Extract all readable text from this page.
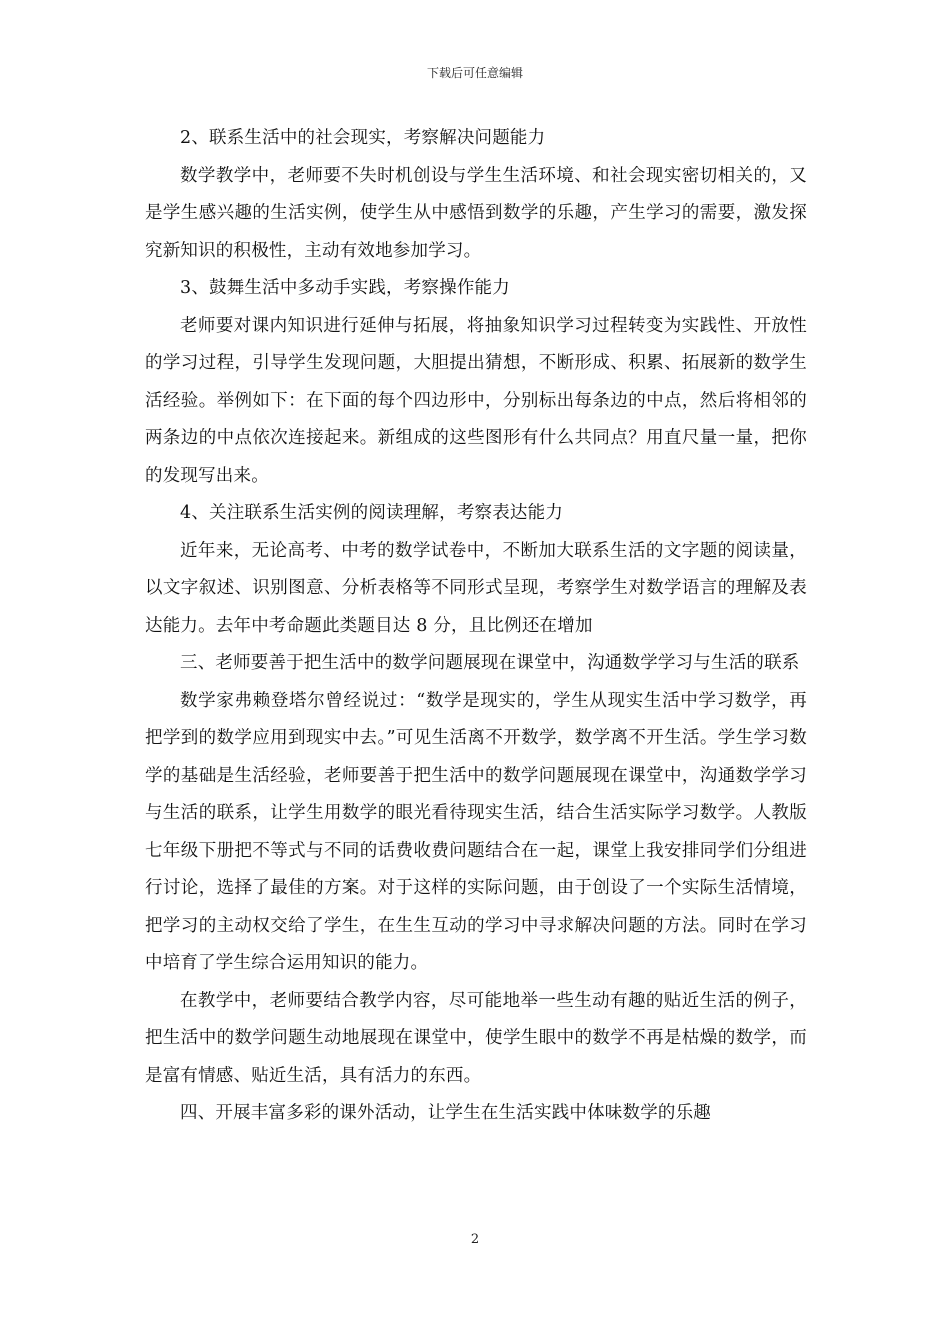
下载后可任意编辑

2、联系生活中的社会现实，考察解决问题能力

数学教学中，老师要不失时机创设与学生生活环境、和社会现实密切相关的，又是学生感兴趣的生活实例，使学生从中感悟到数学的乐趣，产生学习的需要，激发探究新知识的积极性，主动有效地参加学习。

3、鼓舞生活中多动手实践，考察操作能力

老师要对课内知识进行延伸与拓展，将抽象知识学习过程转变为实践性、开放性的学习过程，引导学生发现问题，大胆提出猜想，不断形成、积累、拓展新的数学生活经验。举例如下：在下面的每个四边形中，分别标出每条边的中点，然后将相邻的两条边的中点依次连接起来。新组成的这些图形有什么共同点？用直尺量一量，把你的发现写出来。

4、关注联系生活实例的阅读理解，考察表达能力

近年来，无论高考、中考的数学试卷中，不断加大联系生活的文字题的阅读量，以文字叙述、识别图意、分析表格等不同形式呈现，考察学生对数学语言的理解及表达能力。去年中考命题此类题目达 8 分，且比例还在增加

三、老师要善于把生活中的数学问题展现在课堂中，沟通数学学习与生活的联系

数学家弗赖登塔尔曾经说过：“数学是现实的，学生从现实生活中学习数学，再把学到的数学应用到现实中去。”可见生活离不开数学，数学离不开生活。学生学习数学的基础是生活经验，老师要善于把生活中的数学问题展现在课堂中，沟通数学学习与生活的联系，让学生用数学的眼光看待现实生活，结合生活实际学习数学。人教版七年级下册把不等式与不同的话费收费问题结合在一起，课堂上我安排同学们分组进行讨论，选择了最佳的方案。对于这样的实际问题，由于创设了一个实际生活情境，把学习的主动权交给了学生，在生生互动的学习中寻求解决问题的方法。同时在学习中培育了学生综合运用知识的能力。

在教学中，老师要结合教学内容，尽可能地举一些生动有趣的贴近生活的例子，把生活中的数学问题生动地展现在课堂中，使学生眼中的数学不再是枯燥的数学，而是富有情感、贴近生活，具有活力的东西。

四、开展丰富多彩的课外活动，让学生在生活实践中体味数学的乐趣

2
